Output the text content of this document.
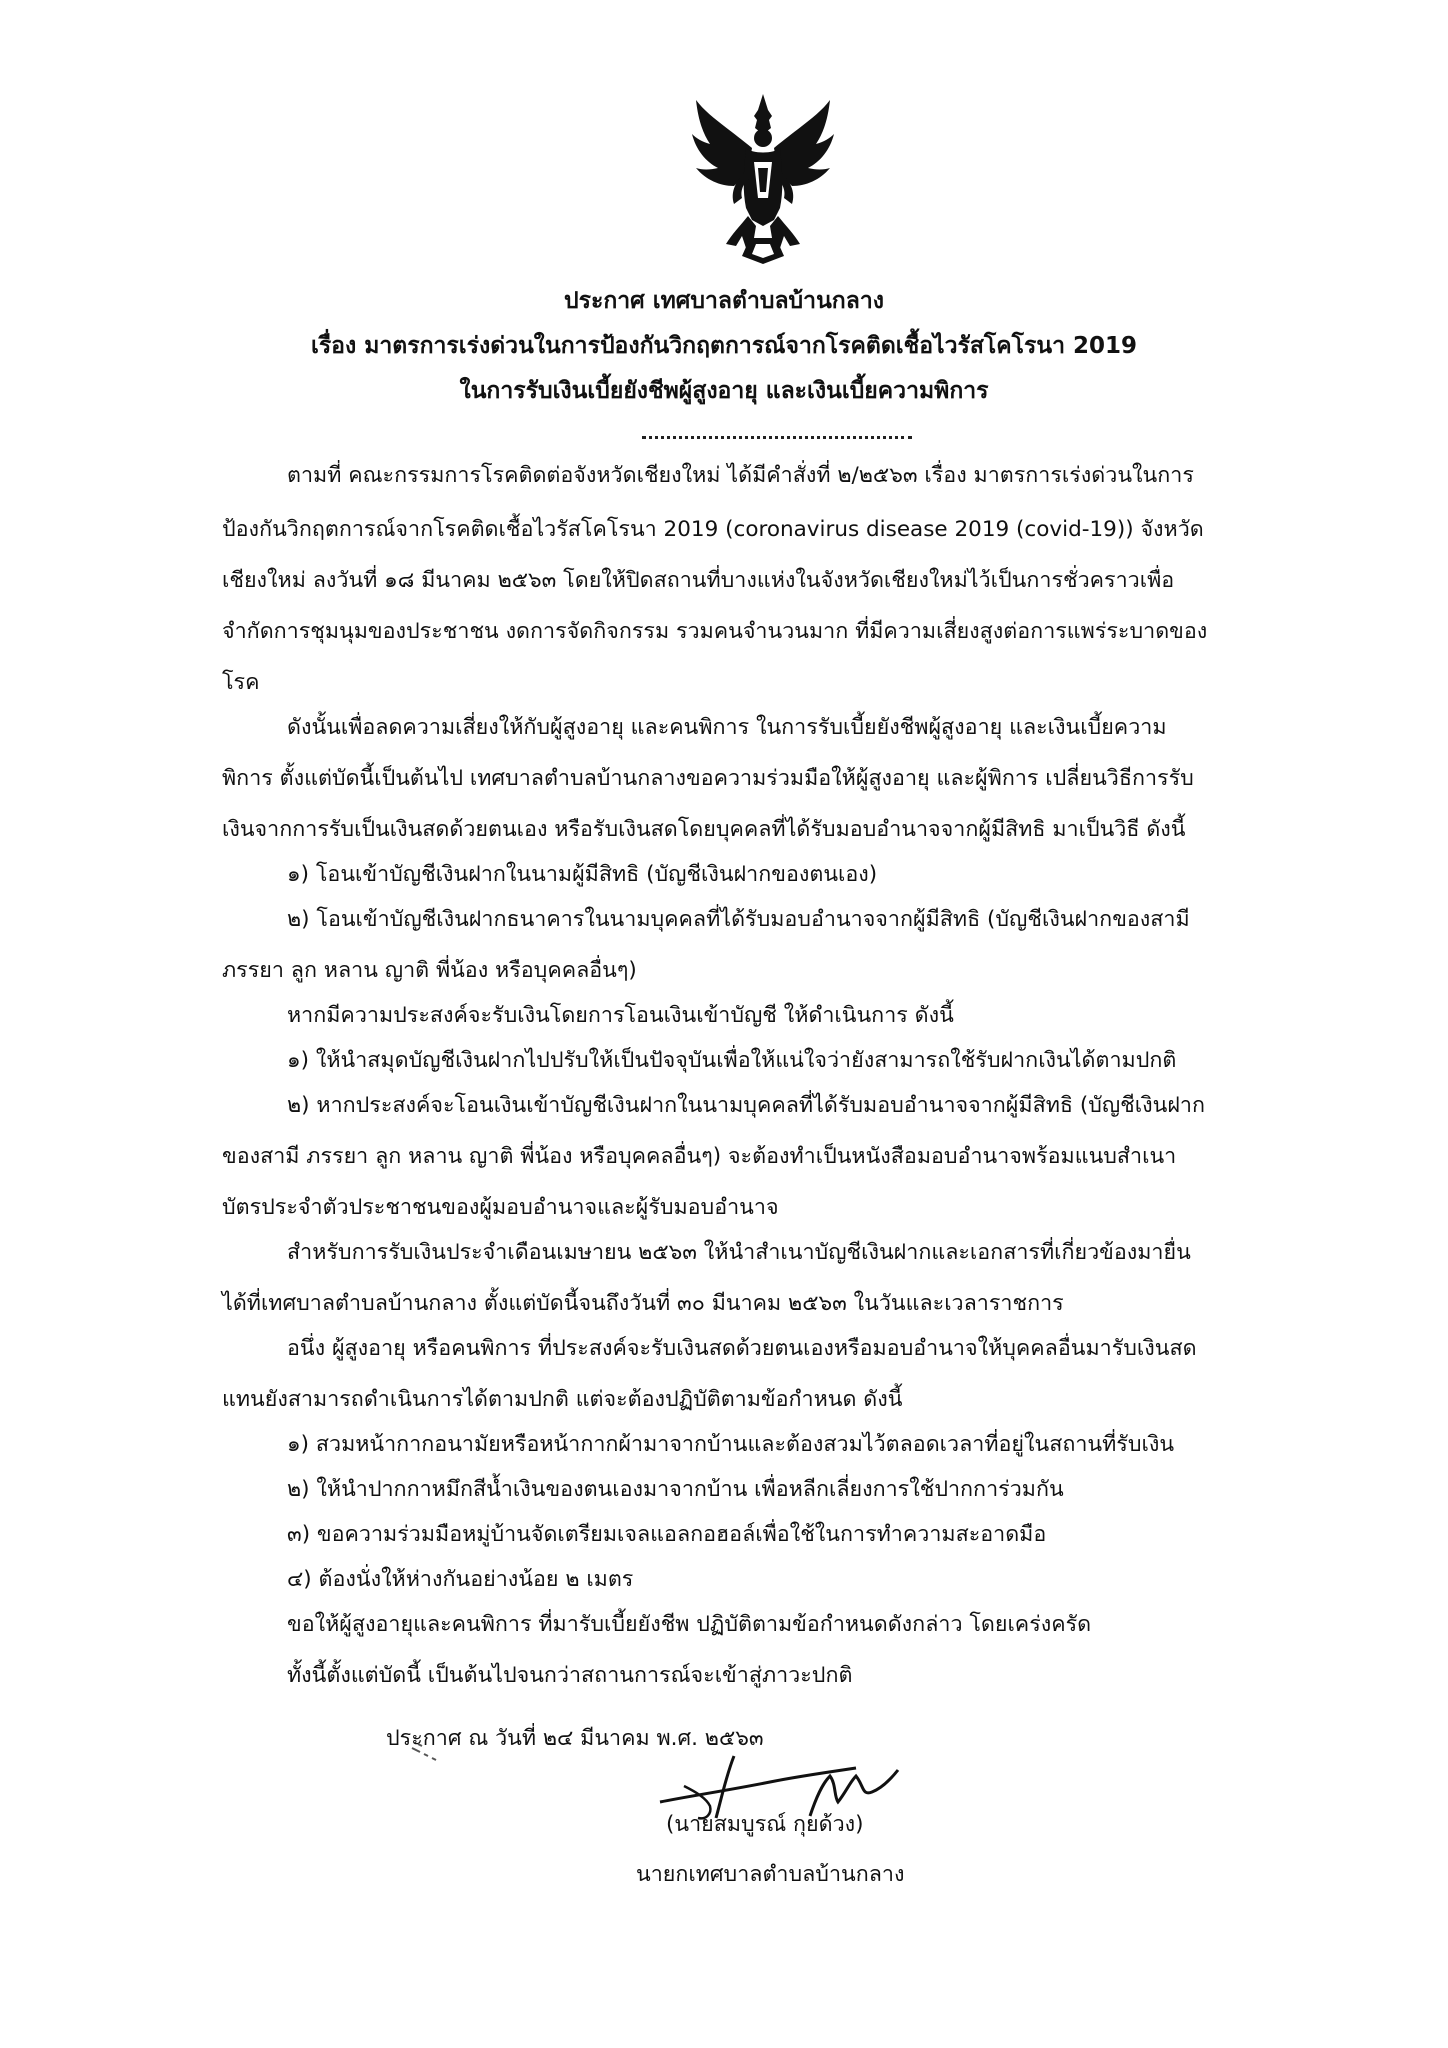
ประกาศ เทศบาลตำบลบ้านกลาง
เรื่อง มาตรการเร่งด่วนในการป้องกันวิกฤตการณ์จากโรคติดเชื้อไวรัสโคโรนา 2019
ในการรับเงินเบี้ยยังชีพผู้สูงอายุ และเงินเบี้ยความพิการ
ตามที่ คณะกรรมการโรคติดต่อจังหวัดเชียงใหม่ ได้มีคำสั่งที่ ๒/๒๕๖๓ เรื่อง มาตรการเร่งด่วนในการ
ป้องกันวิกฤตการณ์จากโรคติดเชื้อไวรัสโคโรนา 2019 (coronavirus disease 2019 (covid-19)) จังหวัด
เชียงใหม่ ลงวันที่ ๑๘ มีนาคม ๒๕๖๓ โดยให้ปิดสถานที่บางแห่งในจังหวัดเชียงใหม่ไว้เป็นการชั่วคราวเพื่อ
จำกัดการชุมนุมของประชาชน งดการจัดกิจกรรม รวมคนจำนวนมาก ที่มีความเสี่ยงสูงต่อการแพร่ระบาดของ
โรค
ดังนั้นเพื่อลดความเสี่ยงให้กับผู้สูงอายุ และคนพิการ ในการรับเบี้ยยังชีพผู้สูงอายุ และเงินเบี้ยความ
พิการ ตั้งแต่บัดนี้เป็นต้นไป เทศบาลตำบลบ้านกลางขอความร่วมมือให้ผู้สูงอายุ และผู้พิการ เปลี่ยนวิธีการรับ
เงินจากการรับเป็นเงินสดด้วยตนเอง หรือรับเงินสดโดยบุคคลที่ได้รับมอบอำนาจจากผู้มีสิทธิ มาเป็นวิธี ดังนี้
๑) โอนเข้าบัญชีเงินฝากในนามผู้มีสิทธิ (บัญชีเงินฝากของตนเอง)
๒) โอนเข้าบัญชีเงินฝากธนาคารในนามบุคคลที่ได้รับมอบอำนาจจากผู้มีสิทธิ (บัญชีเงินฝากของสามี
ภรรยา ลูก หลาน ญาติ พี่น้อง หรือบุคคลอื่นๆ)
หากมีความประสงค์จะรับเงินโดยการโอนเงินเข้าบัญชี ให้ดำเนินการ ดังนี้
๑) ให้นำสมุดบัญชีเงินฝากไปปรับให้เป็นปัจจุบันเพื่อให้แน่ใจว่ายังสามารถใช้รับฝากเงินได้ตามปกติ
๒) หากประสงค์จะโอนเงินเข้าบัญชีเงินฝากในนามบุคคลที่ได้รับมอบอำนาจจากผู้มีสิทธิ (บัญชีเงินฝาก
ของสามี ภรรยา ลูก หลาน ญาติ พี่น้อง หรือบุคคลอื่นๆ) จะต้องทำเป็นหนังสือมอบอำนาจพร้อมแนบสำเนา
บัตรประจำตัวประชาชนของผู้มอบอำนาจและผู้รับมอบอำนาจ
สำหรับการรับเงินประจำเดือนเมษายน ๒๕๖๓ ให้นำสำเนาบัญชีเงินฝากและเอกสารที่เกี่ยวข้องมายื่น
ได้ที่เทศบาลตำบลบ้านกลาง ตั้งแต่บัดนี้จนถึงวันที่ ๓๐ มีนาคม ๒๕๖๓ ในวันและเวลาราชการ
อนึ่ง ผู้สูงอายุ หรือคนพิการ ที่ประสงค์จะรับเงินสดด้วยตนเองหรือมอบอำนาจให้บุคคลอื่นมารับเงินสด
แทนยังสามารถดำเนินการได้ตามปกติ แต่จะต้องปฏิบัติตามข้อกำหนด ดังนี้
๑) สวมหน้ากากอนามัยหรือหน้ากากผ้ามาจากบ้านและต้องสวมไว้ตลอดเวลาที่อยู่ในสถานที่รับเงิน
๒) ให้นำปากกาหมึกสีน้ำเงินของตนเองมาจากบ้าน เพื่อหลีกเลี่ยงการใช้ปากการ่วมกัน
๓) ขอความร่วมมือหมู่บ้านจัดเตรียมเจลแอลกอฮอล์เพื่อใช้ในการทำความสะอาดมือ
๔) ต้องนั่งให้ห่างกันอย่างน้อย ๒ เมตร
ขอให้ผู้สูงอายุและคนพิการ ที่มารับเบี้ยยังชีพ ปฏิบัติตามข้อกำหนดดังกล่าว โดยเคร่งครัด
ทั้งนี้ตั้งแต่บัดนี้ เป็นต้นไปจนกว่าสถานการณ์จะเข้าสู่ภาวะปกติ
ประกาศ ณ วันที่ ๒๔ มีนาคม พ.ศ. ๒๕๖๓
(นายสมบูรณ์ กุยด้วง)
นายกเทศบาลตำบลบ้านกลาง
